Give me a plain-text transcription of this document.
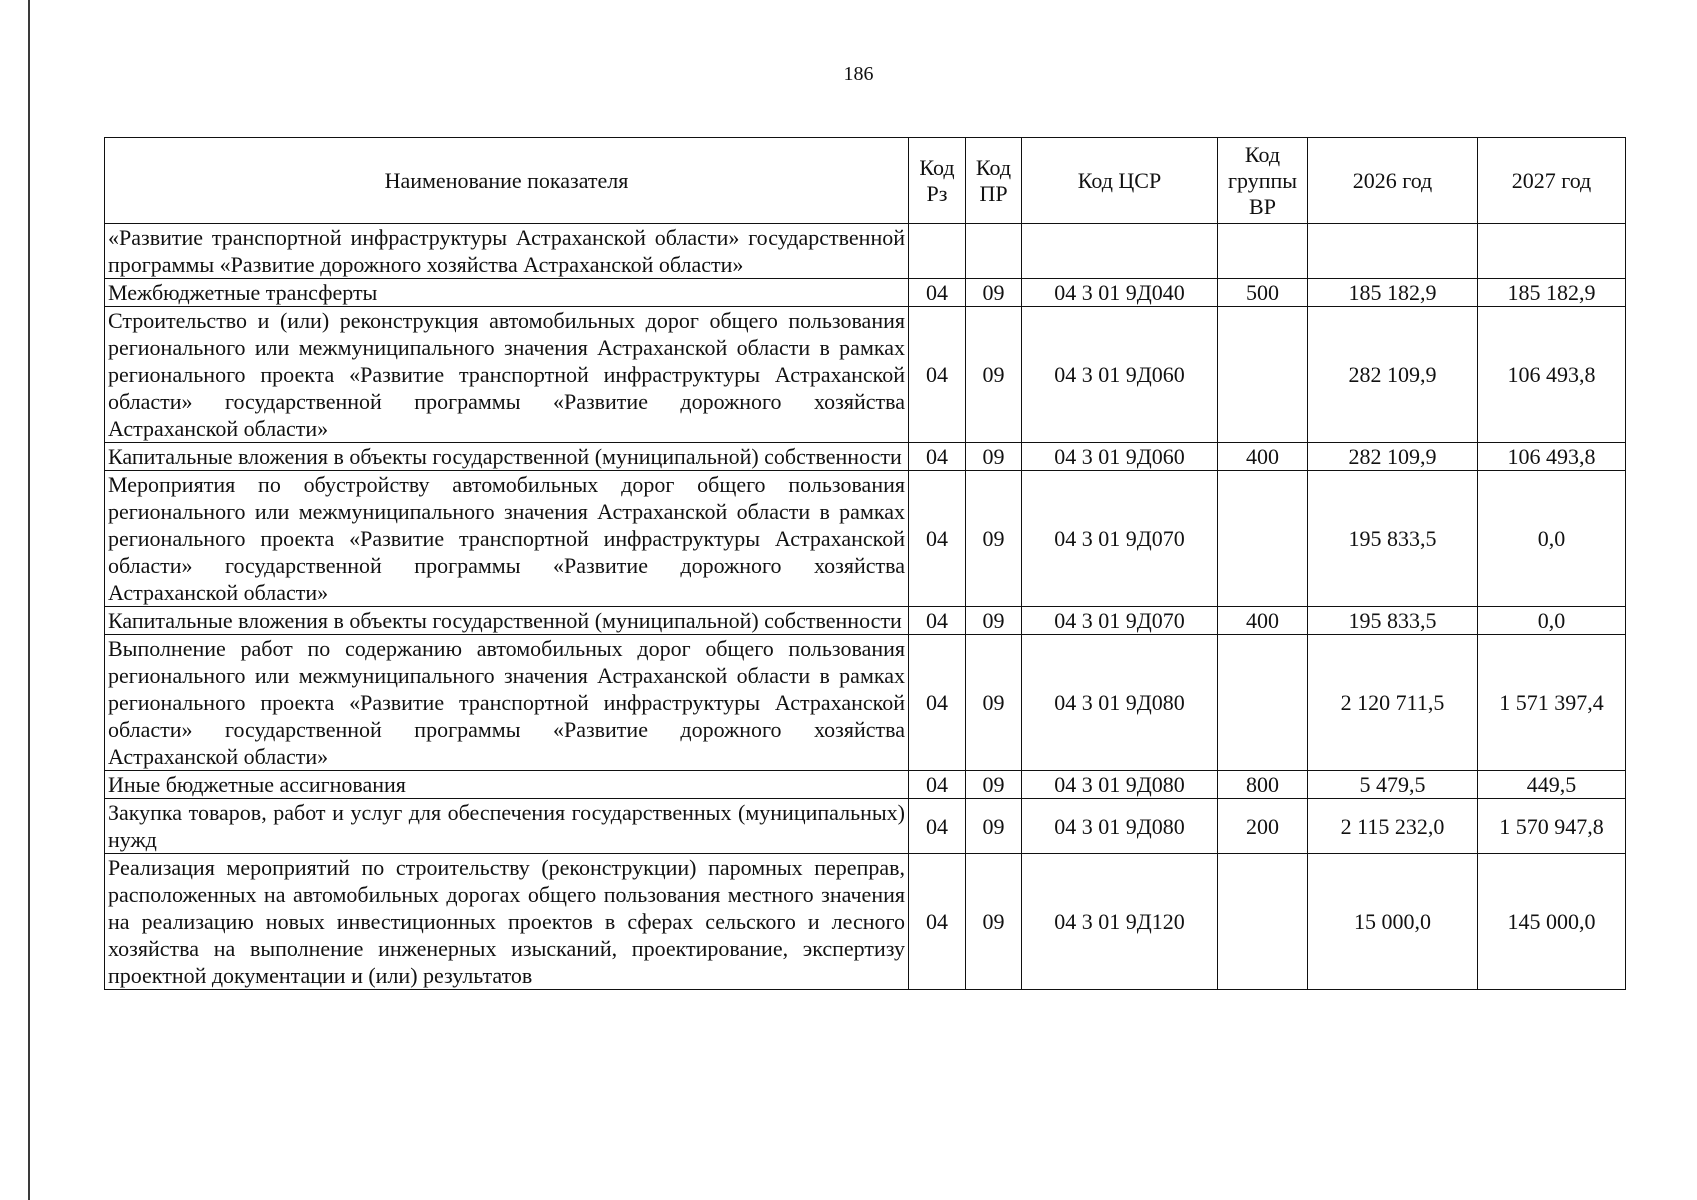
186
Наименование показателя	Код Рз	Код ПР	Код ЦСР	Код группы ВР	2026 год	2027 год
«Развитие транспортной инфраструктуры Астраханской области» государственной программы «Развитие дорожного хозяйства Астраханской области»						
Межбюджетные трансферты	04	09	04 3 01 9Д040	500	185 182,9	185 182,9
Строительство и (или) реконструкция автомобильных дорог общего пользования регионального или межмуниципального значения Астраханской области в рамках регионального проекта «Развитие транспортной инфраструктуры Астраханской области» государственной программы «Развитие дорожного хозяйства Астраханской области»	04	09	04 3 01 9Д060		282 109,9	106 493,8
Капитальные вложения в объекты государственной (муниципальной) собственности	04	09	04 3 01 9Д060	400	282 109,9	106 493,8
Мероприятия по обустройству автомобильных дорог общего пользования регионального или межмуниципального значения Астраханской области в рамках регионального проекта «Развитие транспортной инфраструктуры Астраханской области» государственной программы «Развитие дорожного хозяйства Астраханской области»	04	09	04 3 01 9Д070		195 833,5	0,0
Капитальные вложения в объекты государственной (муниципальной) собственности	04	09	04 3 01 9Д070	400	195 833,5	0,0
Выполнение работ по содержанию автомобильных дорог общего пользования регионального или межмуниципального значения Астраханской области в рамках регионального проекта «Развитие транспортной инфраструктуры Астраханской области» государственной программы «Развитие дорожного хозяйства Астраханской области»	04	09	04 3 01 9Д080		2 120 711,5	1 571 397,4
Иные бюджетные ассигнования	04	09	04 3 01 9Д080	800	5 479,5	449,5
Закупка товаров, работ и услуг для обеспечения государственных (муниципальных) нужд	04	09	04 3 01 9Д080	200	2 115 232,0	1 570 947,8
Реализация мероприятий по строительству (реконструкции) паромных переправ, расположенных на автомобильных дорогах общего пользования местного значения на реализацию новых инвестиционных проектов в сферах сельского и лесного хозяйства на выполнение инженерных изысканий, проектирование, экспертизу проектной документации и (или) результатов	04	09	04 3 01 9Д120		15 000,0	145 000,0
